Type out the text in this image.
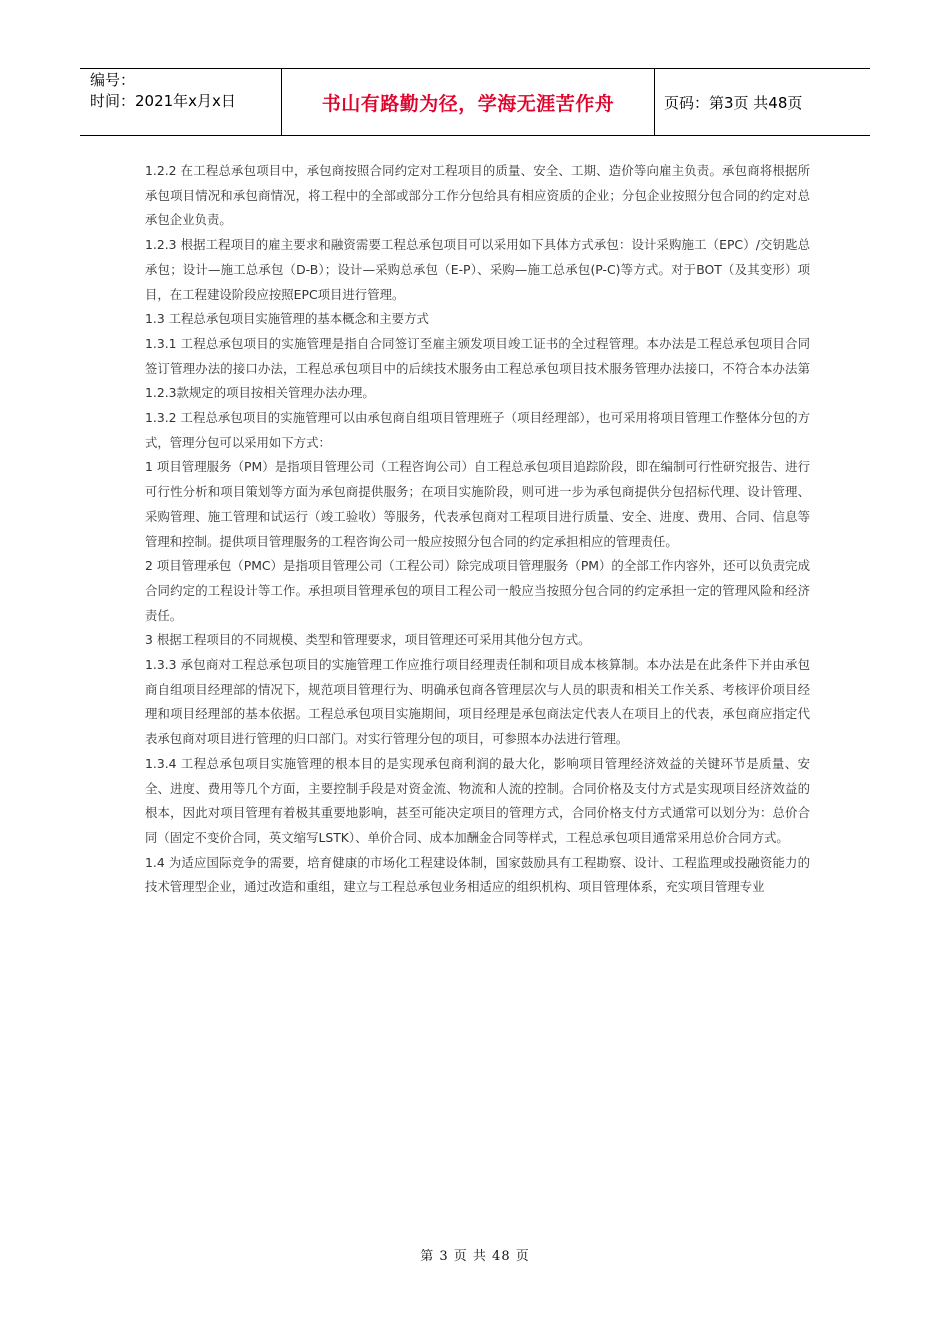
编号：
时间：2021年x月x日	书山有路勤为径，学海无涯苦作舟	页码：第3页 共48页

1.2.2 在工程总承包项目中，承包商按照合同约定对工程项目的质量、安全、工期、造价等向雇主负责。承包商将根据所承包项目情况和承包商情况，将工程中的全部或部分工作分包给具有相应资质的企业；分包企业按照分包合同的约定对总承包企业负责。

1.2.3 根据工程项目的雇主要求和融资需要工程总承包项目可以采用如下具体方式承包：设计采购施工（EPC）/交钥匙总承包；设计—施工总承包（D-B）；设计—采购总承包（E-P）、采购—施工总承包(P-C)等方式。对于BOT（及其变形）项目，在工程建设阶段应按照EPC项目进行管理。

1.3 工程总承包项目实施管理的基本概念和主要方式

1.3.1 工程总承包项目的实施管理是指自合同签订至雇主颁发项目竣工证书的全过程管理。本办法是工程总承包项目合同签订管理办法的接口办法，工程总承包项目中的后续技术服务由工程总承包项目技术服务管理办法接口，不符合本办法第1.2.3款规定的项目按相关管理办法办理。

1.3.2 工程总承包项目的实施管理可以由承包商自组项目管理班子（项目经理部），也可采用将项目管理工作整体分包的方式，管理分包可以采用如下方式：

1 项目管理服务（PM）是指项目管理公司（工程咨询公司）自工程总承包项目追踪阶段，即在编制可行性研究报告、进行可行性分析和项目策划等方面为承包商提供服务；在项目实施阶段，则可进一步为承包商提供分包招标代理、设计管理、采购管理、施工管理和试运行（竣工验收）等服务，代表承包商对工程项目进行质量、安全、进度、费用、合同、信息等管理和控制。提供项目管理服务的工程咨询公司一般应按照分包合同的约定承担相应的管理责任。

2 项目管理承包（PMC）是指项目管理公司（工程公司）除完成项目管理服务（PM）的全部工作内容外，还可以负责完成合同约定的工程设计等工作。承担项目管理承包的项目工程公司一般应当按照分包合同的约定承担一定的管理风险和经济责任。

3 根据工程项目的不同规模、类型和管理要求，项目管理还可采用其他分包方式。

1.3.3 承包商对工程总承包项目的实施管理工作应推行项目经理责任制和项目成本核算制。本办法是在此条件下并由承包商自组项目经理部的情况下，规范项目管理行为、明确承包商各管理层次与人员的职责和相关工作关系、考核评价项目经理和项目经理部的基本依据。工程总承包项目实施期间，项目经理是承包商法定代表人在项目上的代表，承包商应指定代表承包商对项目进行管理的归口部门。对实行管理分包的项目，可参照本办法进行管理。

1.3.4 工程总承包项目实施管理的根本目的是实现承包商利润的最大化，影响项目管理经济效益的关键环节是质量、安全、进度、费用等几个方面，主要控制手段是对资金流、物流和人流的控制。合同价格及支付方式是实现项目经济效益的根本，因此对项目管理有着极其重要地影响，甚至可能决定项目的管理方式，合同价格支付方式通常可以划分为：总价合同（固定不变价合同，英文缩写LSTK）、单价合同、成本加酬金合同等样式，工程总承包项目通常采用总价合同方式。

1.4 为适应国际竞争的需要，培育健康的市场化工程建设体制，国家鼓励具有工程勘察、设计、工程监理或投融资能力的技术管理型企业，通过改造和重组，建立与工程总承包业务相适应的组织机构、项目管理体系，充实项目管理专业

第 3 页 共 48 页
